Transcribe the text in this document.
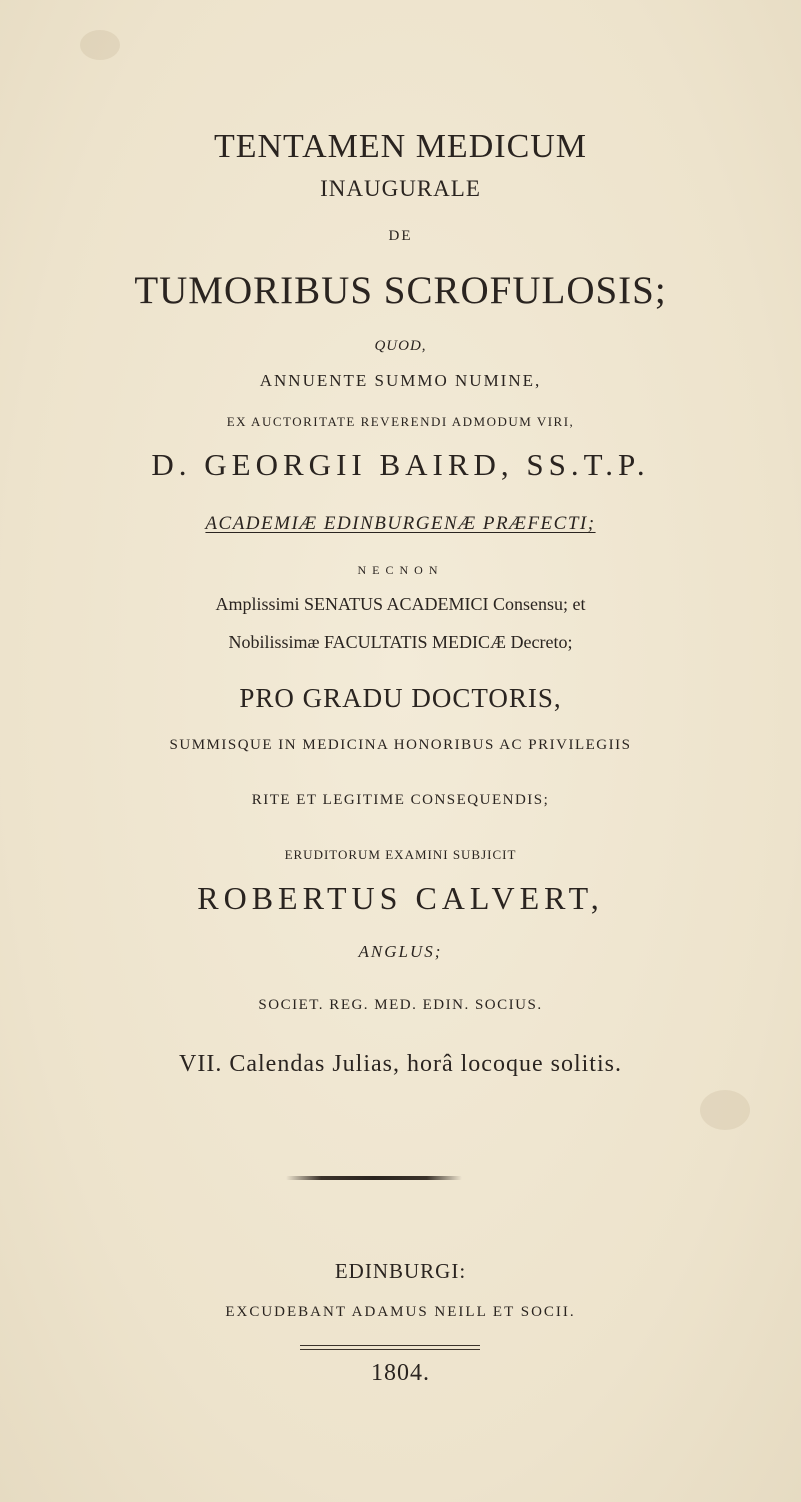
TENTAMEN MEDICUM
INAUGURALE
DE
TUMORIBUS SCROFULOSIS;
QUOD,
ANNUENTE SUMMO NUMINE,
EX AUCTORITATE REVERENDI ADMODUM VIRI,
D. GEORGII BAIRD, SS.T.P.
ACADEMIÆ EDINBURGENÆ PRÆFECTI;
NECNON
Amplissimi SENATUS ACADEMICI Consensu; et
Nobilissimæ FACULTATIS MEDICÆ Decreto;
PRO GRADU DOCTORIS,
SUMMISQUE IN MEDICINA HONORIBUS AC PRIVILEGIIS
RITE ET LEGITIME CONSEQUENDIS;
ERUDITORUM EXAMINI SUBJICIT
ROBERTUS CALVERT,
ANGLUS;
SOCIET. REG. MED. EDIN. SOCIUS.
VII. Calendas Julias, horâ locoque solitis.
EDINBURGI:
EXCUDEBANT ADAMUS NEILL ET SOCII.
1804.
